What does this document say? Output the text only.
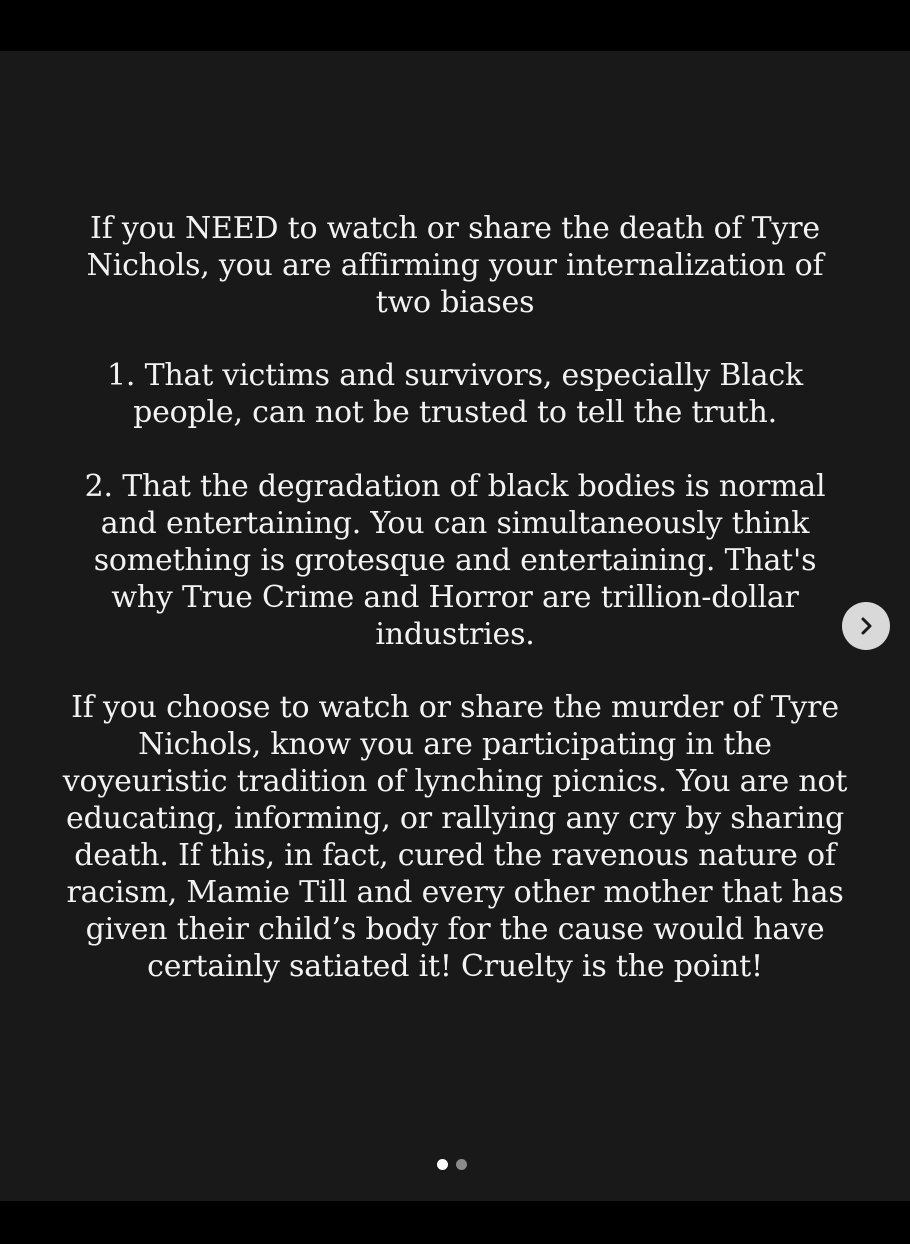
If you NEED to watch or share the death of Tyre Nichols, you are affirming your internalization of two biases

1. That victims and survivors, especially Black people, can not be trusted to tell the truth.

2. That the degradation of black bodies is normal and entertaining. You can simultaneously think something is grotesque and entertaining. That's why True Crime and Horror are trillion-dollar industries.

If you choose to watch or share the murder of Tyre Nichols, know you are participating in the voyeuristic tradition of lynching picnics. You are not educating, informing, or rallying any cry by sharing death. If this, in fact, cured the ravenous nature of racism, Mamie Till and every other mother that has given their child’s body for the cause would have certainly satiated it! Cruelty is the point!
